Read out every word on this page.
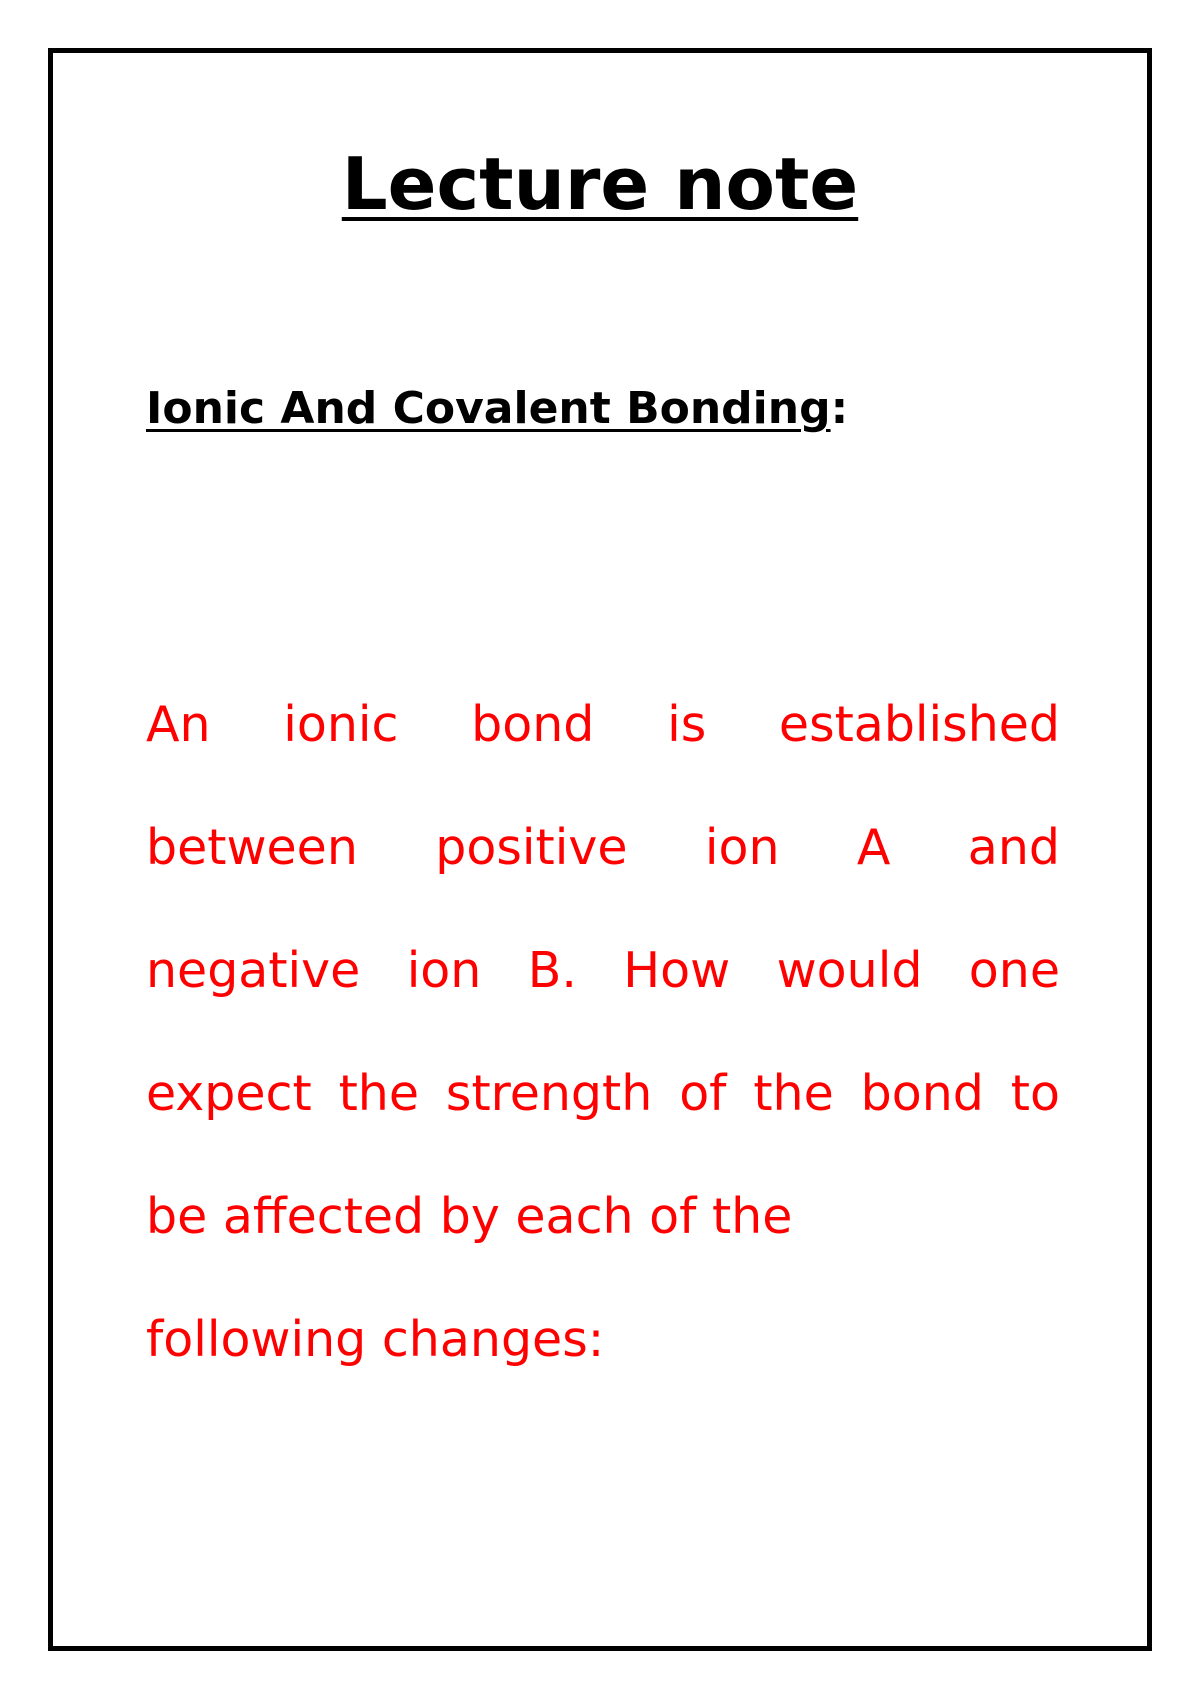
Lecture note
Ionic And Covalent Bonding:
An ionic bond is established
between positive ion A and
negative ion B. How would one
expect the strength of the bond to
be affected by each of the
following changes:
